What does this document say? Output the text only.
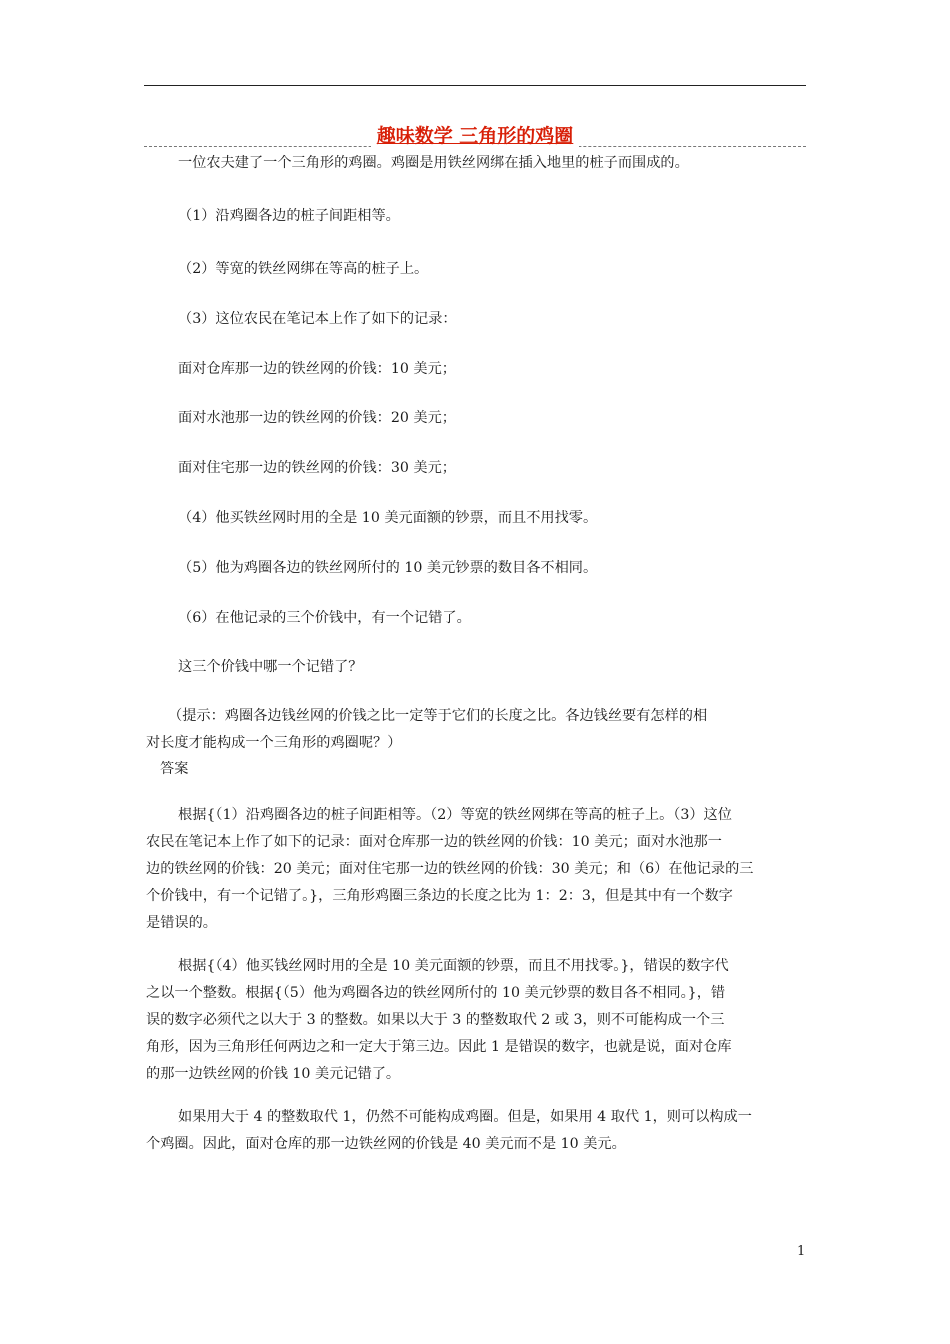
趣味数学 三角形的鸡圈
一位农夫建了一个三角形的鸡圈。鸡圈是用铁丝网绑在插入地里的桩子而围成的。
（1）沿鸡圈各边的桩子间距相等。
（2）等宽的铁丝网绑在等高的桩子上。
（3）这位农民在笔记本上作了如下的记录：
面对仓库那一边的铁丝网的价钱：10 美元；
面对水池那一边的铁丝网的价钱：20 美元；
面对住宅那一边的铁丝网的价钱：30 美元；
（4）他买铁丝网时用的全是 10 美元面额的钞票，而且不用找零。
（5）他为鸡圈各边的铁丝网所付的 10 美元钞票的数目各不相同。
（6）在他记录的三个价钱中，有一个记错了。
这三个价钱中哪一个记错了？
（提示：鸡圈各边钱丝网的价钱之比一定等于它们的长度之比。各边钱丝要有怎样的相
对长度才能构成一个三角形的鸡圈呢？）
答案
根据{（1）沿鸡圈各边的桩子间距相等。（2）等宽的铁丝网绑在等高的桩子上。（3）这位
农民在笔记本上作了如下的记录：面对仓库那一边的铁丝网的价钱：10 美元；面对水池那一
边的铁丝网的价钱：20 美元；面对住宅那一边的铁丝网的价钱：30 美元；和（6）在他记录的三
个价钱中，有一个记错了。}，三角形鸡圈三条边的长度之比为 1：2：3，但是其中有一个数字
是错误的。
根据{（4）他买钱丝网时用的全是 10 美元面额的钞票，而且不用找零。}，错误的数字代
之以一个整数。根据{（5）他为鸡圈各边的铁丝网所付的 10 美元钞票的数目各不相同。}，错
误的数字必须代之以大于 3 的整数。如果以大于 3 的整数取代 2 或 3，则不可能构成一个三
角形，因为三角形任何两边之和一定大于第三边。因此 1 是错误的数字，也就是说，面对仓库
的那一边铁丝网的价钱 10 美元记错了。
如果用大于 4 的整数取代 1，仍然不可能构成鸡圈。但是，如果用 4 取代 1，则可以构成一
个鸡圈。因此，面对仓库的那一边铁丝网的价钱是 40 美元而不是 10 美元。
1
